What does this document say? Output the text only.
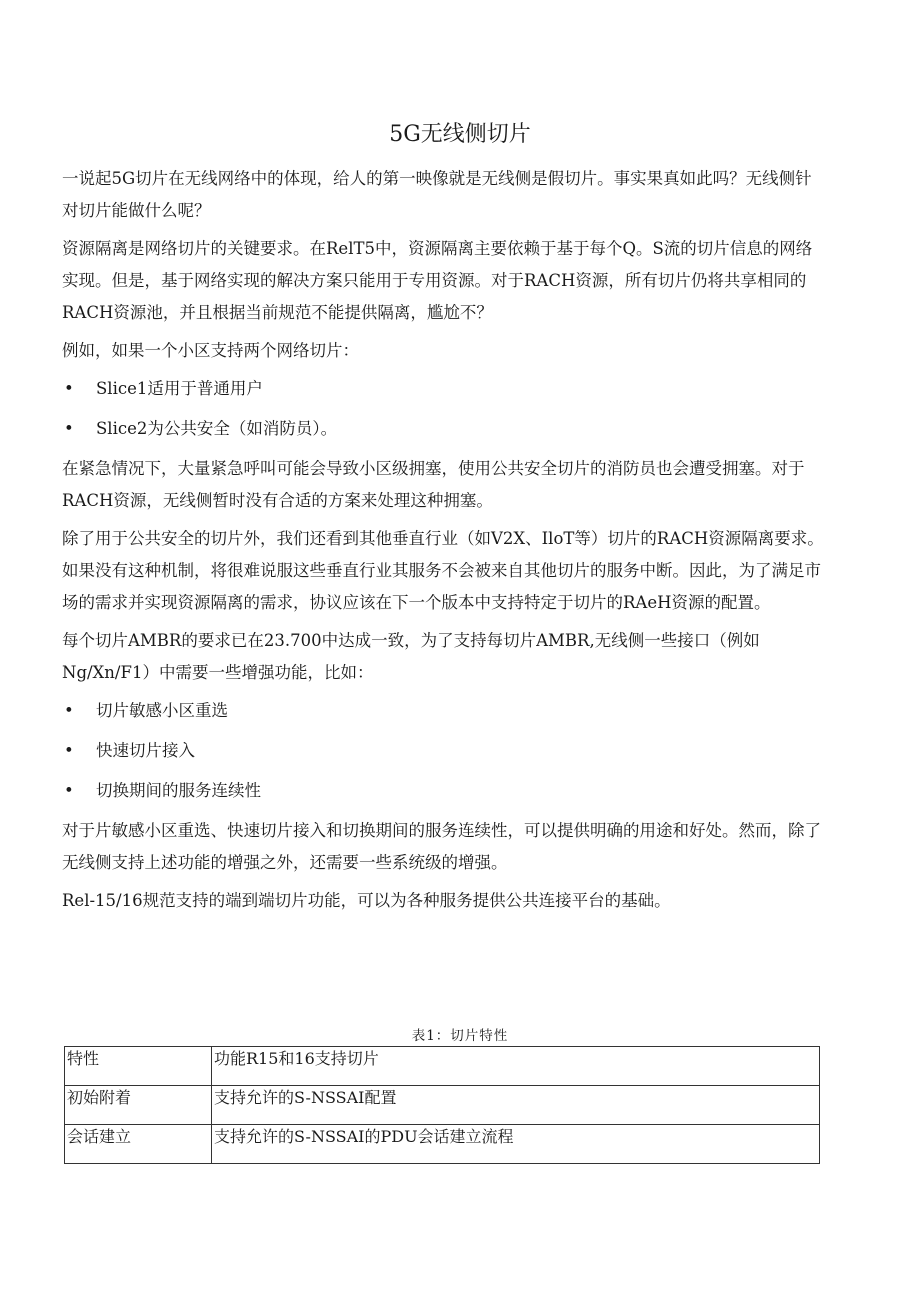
5G无线侧切片

一说起5G切片在无线网络中的体现，给人的第一映像就是无线侧是假切片。事实果真如此吗？无线侧针对切片能做什么呢？

资源隔离是网络切片的关键要求。在RelT5中，资源隔离主要依赖于基于每个Q。S流的切片信息的网络实现。但是，基于网络实现的解决方案只能用于专用资源。对于RACH资源，所有切片仍将共享相同的RACH资源池，并且根据当前规范不能提供隔离，尴尬不？

例如，如果一个小区支持两个网络切片：

• Slice1适用于普通用户
• Slice2为公共安全（如消防员）。

在紧急情况下，大量紧急呼叫可能会导致小区级拥塞，使用公共安全切片的消防员也会遭受拥塞。对于RACH资源，无线侧暂时没有合适的方案来处理这种拥塞。

除了用于公共安全的切片外，我们还看到其他垂直行业（如V2X、IloT等）切片的RACH资源隔离要求。如果没有这种机制，将很难说服这些垂直行业其服务不会被来自其他切片的服务中断。因此，为了满足市场的需求并实现资源隔离的需求，协议应该在下一个版本中支持特定于切片的RAeH资源的配置。

每个切片AMBR的要求已在23.700中达成一致，为了支持每切片AMBR,无线侧一些接口（例如Ng/Xn/F1）中需要一些增强功能，比如：

• 切片敏感小区重选
• 快速切片接入
• 切换期间的服务连续性

对于片敏感小区重选、快速切片接入和切换期间的服务连续性，可以提供明确的用途和好处。然而，除了无线侧支持上述功能的增强之外，还需要一些系统级的增强。

Rel-15/16规范支持的端到端切片功能，可以为各种服务提供公共连接平台的基础。

表1：切片特性
特性	功能R15和16支持切片
初始附着	支持允许的S-NSSAI配置
会话建立	支持允许的S-NSSAI的PDU会话建立流程
